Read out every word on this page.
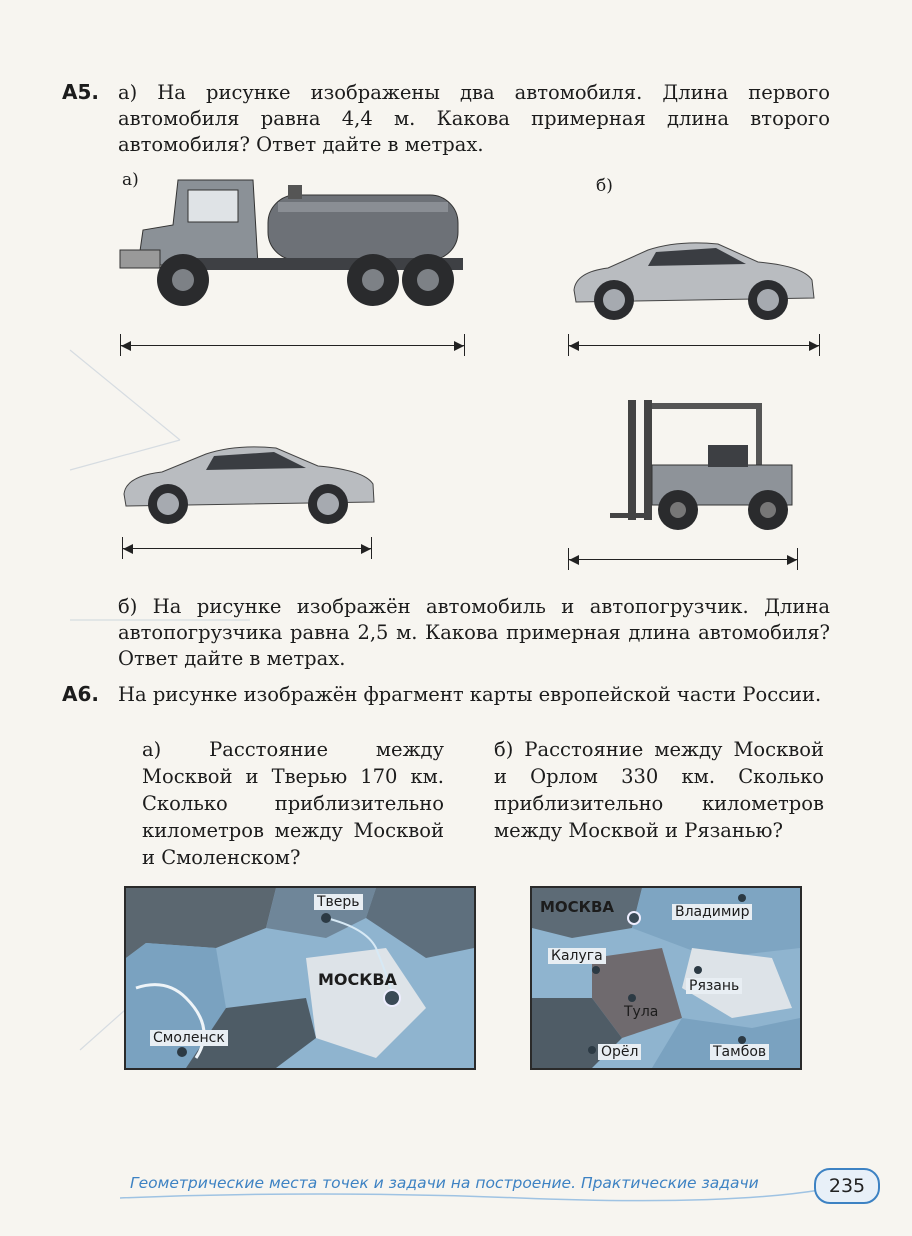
А5. а) На рисунке изображены два автомобиля. Длина первого автомобиля равна 4,4 м. Какова примерная длина второго автомобиля? Ответ дайте в метрах.
а)	б)
б) На рисунке изображён автомобиль и автопогрузчик. Длина автопогрузчика равна 2,5 м. Какова примерная длина автомобиля? Ответ дайте в метрах.
А6. На рисунке изображён фрагмент карты европейской части России.
а) Расстояние между Москвой и Тверью 170 км. Сколько приблизительно километров между Москвой и Смоленском?
б) Расстояние между Москвой и Орлом 330 км. Сколько приблизительно километров между Москвой и Рязанью?
Тверь
МОСКВА
Смоленск
МОСКВА	Владимир
Калуга
Рязань
Тула
Орёл	Тамбов
Геометрические места точек и задачи на построение. Практические задачи	235
